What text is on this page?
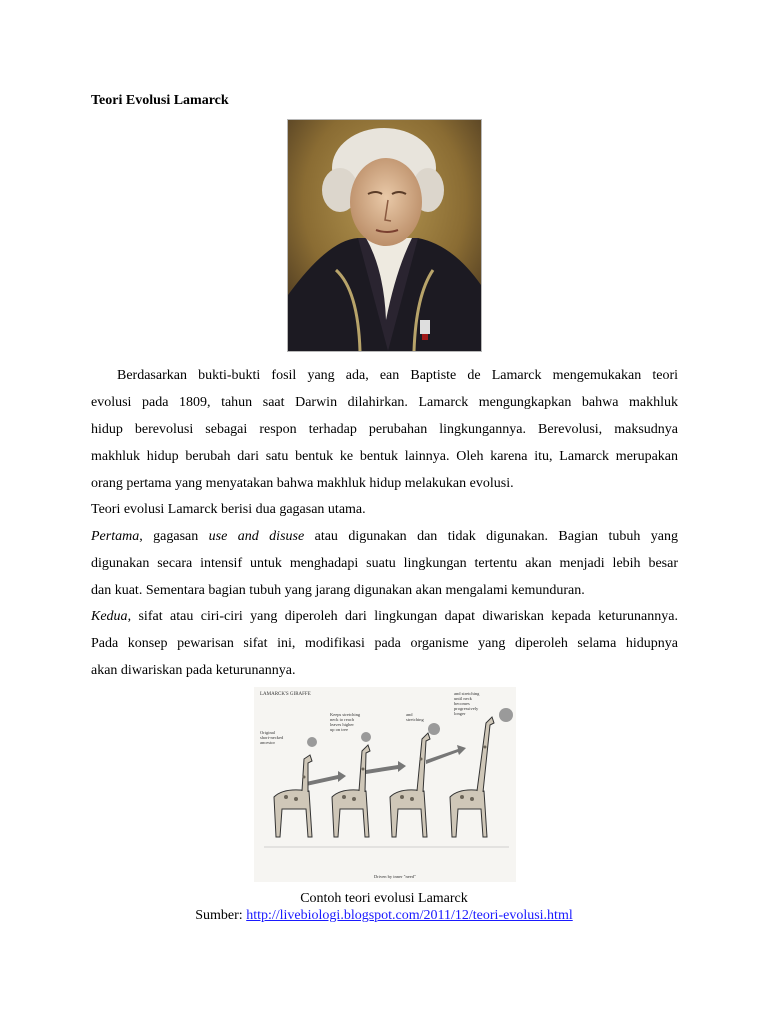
Teori Evolusi Lamarck
Berdasarkan bukti-bukti fosil yang ada, ean Baptiste de Lamarck mengemukakan teori
evolusi pada 1809, tahun saat Darwin dilahirkan. Lamarck mengungkapkan bahwa makhluk
hidup berevolusi sebagai respon terhadap perubahan lingkungannya. Berevolusi, maksudnya
makhluk hidup berubah dari satu bentuk ke bentuk lainnya. Oleh karena itu, Lamarck merupakan
orang pertama yang menyatakan bahwa makhluk hidup melakukan evolusi.
Teori evolusi Lamarck berisi dua gagasan utama.
Pertama, gagasan use and disuse atau digunakan dan tidak digunakan. Bagian tubuh yang
digunakan secara intensif untuk menghadapi suatu lingkungan tertentu akan menjadi lebih besar
dan kuat. Sementara bagian tubuh yang jarang digunakan akan mengalami kemunduran.
Kedua, sifat atau ciri-ciri yang diperoleh dari lingkungan dapat diwariskan kepada keturunannya.
Pada konsep pewarisan sifat ini, modifikasi pada organisme yang diperoleh selama hidupnya
akan diwariskan pada keturunannya.
LAMARCK'S GIRAFFE
Original
short-necked
ancestor
Keeps stretching
neck to reach
leaves higher
up on tree
and
stretching
and stretching
until neck
becomes
progressively
longer
Driven by inner "need"
Contoh teori evolusi Lamarck
Sumber: http://livebiologi.blogspot.com/2011/12/teori-evolusi.html
